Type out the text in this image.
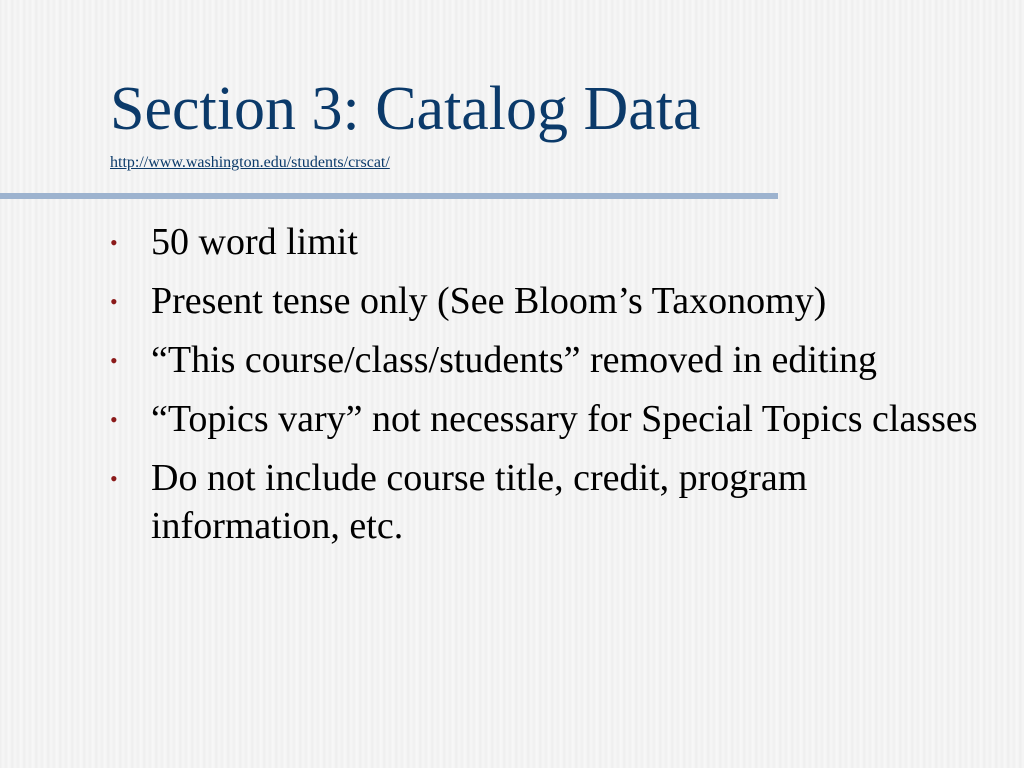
Section 3: Catalog Data
http://www.washington.edu/students/crscat/
• 50 word limit
• Present tense only (See Bloom’s Taxonomy)
• “This course/class/students” removed in editing
• “Topics vary” not necessary for Special Topics classes
• Do not include course title, credit, program information, etc.
